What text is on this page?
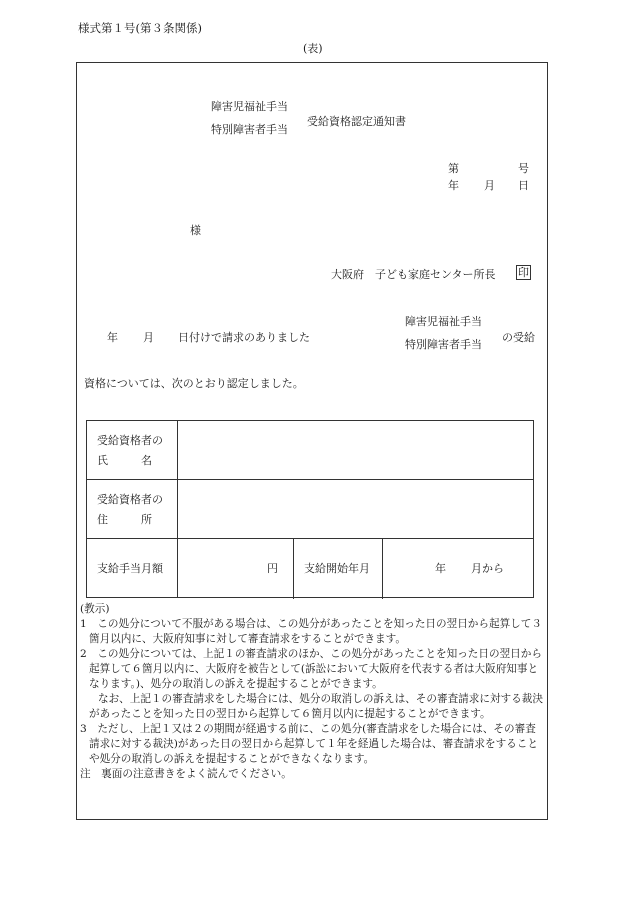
様式第１号(第３条関係)
(表)
障害児福祉手当
特別障害者手当
受給資格認定通知書
第	号
年 月 日
様
大阪府　子ども家庭センター所長 印
年 月 日付けで請求のありました
障害児福祉手当
特別障害者手当
の受給
資格については、次のとおり認定しました。
受給資格者の
氏　　　名
受給資格者の
住　　　所
支給手当月額	円 支給開始年月	年 月から

(教示)

1　この処分について不服がある場合は、この処分があったことを知った日の翌日から起算して３箇月以内に、大阪府知事に対して審査請求をすることができます。

2　この処分については、上記１の審査請求のほか、この処分があったことを知った日の翌日から起算して６箇月以内に、大阪府を被告として(訴訟において大阪府を代表する者は大阪府知事となります。)、処分の取消しの訴えを提起することができます。

なお、上記１の審査請求をした場合には、処分の取消しの訴えは、その審査請求に対する裁決があったことを知った日の翌日から起算して６箇月以内に提起することができます。

3　ただし、上記１又は２の期間が経過する前に、この処分(審査請求をした場合には、その審査請求に対する裁決)があった日の翌日から起算して１年を経過した場合は、審査請求をすることや処分の取消しの訴えを提起することができなくなります。

注　裏面の注意書きをよく読んでください。
